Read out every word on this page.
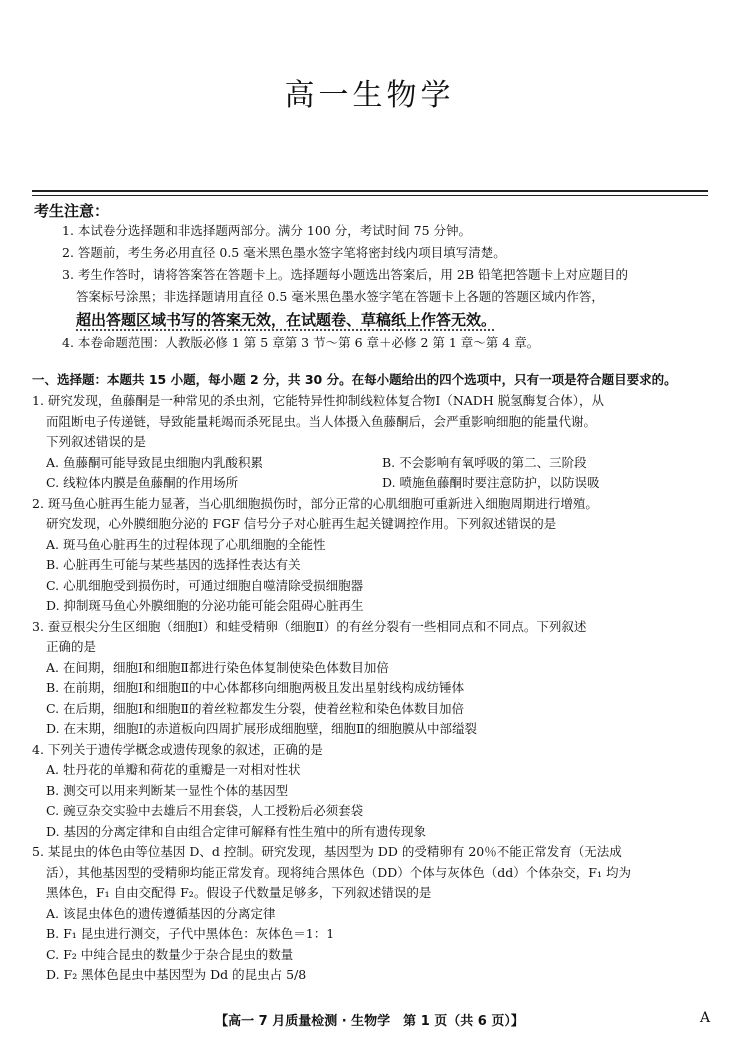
高一生物学
考生注意：
1. 本试卷分选择题和非选择题两部分。满分 100 分，考试时间 75 分钟。
2. 答题前，考生务必用直径 0.5 毫米黑色墨水签字笔将密封线内项目填写清楚。
3. 考生作答时，请将答案答在答题卡上。选择题每小题选出答案后，用 2B 铅笔把答题卡上对应题目的
答案标号涂黑；非选择题请用直径 0.5 毫米黑色墨水签字笔在答题卡上各题的答题区域内作答，
超出答题区域书写的答案无效，在试题卷、草稿纸上作答无效。
4. 本卷命题范围：人教版必修 1 第 5 章第 3 节～第 6 章＋必修 2 第 1 章～第 4 章。
一、选择题：本题共 15 小题，每小题 2 分，共 30 分。在每小题给出的四个选项中，只有一项是符合题目要求的。
1. 研究发现，鱼藤酮是一种常见的杀虫剂，它能特异性抑制线粒体复合物Ⅰ（NADH 脱氢酶复合体），从
而阻断电子传递链，导致能量耗竭而杀死昆虫。当人体摄入鱼藤酮后，会严重影响细胞的能量代谢。
下列叙述错误的是
A. 鱼藤酮可能导致昆虫细胞内乳酸积累	B. 不会影响有氧呼吸的第二、三阶段
C. 线粒体内膜是鱼藤酮的作用场所	D. 喷施鱼藤酮时要注意防护，以防误吸
2. 斑马鱼心脏再生能力显著，当心肌细胞损伤时，部分正常的心肌细胞可重新进入细胞周期进行增殖。
研究发现，心外膜细胞分泌的 FGF 信号分子对心脏再生起关键调控作用。下列叙述错误的是
A. 斑马鱼心脏再生的过程体现了心肌细胞的全能性
B. 心脏再生可能与某些基因的选择性表达有关
C. 心肌细胞受到损伤时，可通过细胞自噬清除受损细胞器
D. 抑制斑马鱼心外膜细胞的分泌功能可能会阻碍心脏再生
3. 蚕豆根尖分生区细胞（细胞Ⅰ）和蛙受精卵（细胞Ⅱ）的有丝分裂有一些相同点和不同点。下列叙述
正确的是
A. 在间期，细胞Ⅰ和细胞Ⅱ都进行染色体复制使染色体数目加倍
B. 在前期，细胞Ⅰ和细胞Ⅱ的中心体都移向细胞两极且发出星射线构成纺锤体
C. 在后期，细胞Ⅰ和细胞Ⅱ的着丝粒都发生分裂，使着丝粒和染色体数目加倍
D. 在末期，细胞Ⅰ的赤道板向四周扩展形成细胞壁，细胞Ⅱ的细胞膜从中部缢裂
4. 下列关于遗传学概念或遗传现象的叙述，正确的是
A. 牡丹花的单瓣和荷花的重瓣是一对相对性状
B. 测交可以用来判断某一显性个体的基因型
C. 豌豆杂交实验中去雄后不用套袋，人工授粉后必须套袋
D. 基因的分离定律和自由组合定律可解释有性生殖中的所有遗传现象
5. 某昆虫的体色由等位基因 D、d 控制。研究发现，基因型为 DD 的受精卵有 20％不能正常发育（无法成
活），其他基因型的受精卵均能正常发育。现将纯合黑体色（DD）个体与灰体色（dd）个体杂交，F₁ 均为
黑体色，F₁ 自由交配得 F₂。假设子代数量足够多，下列叙述错误的是
A. 该昆虫体色的遗传遵循基因的分离定律
B. F₁ 昆虫进行测交，子代中黑体色：灰体色＝1：1
C. F₂ 中纯合昆虫的数量少于杂合昆虫的数量
D. F₂ 黑体色昆虫中基因型为 Dd 的昆虫占 5/8
【高一 7 月质量检测 · 生物学　第 1 页（共 6 页）】	A
